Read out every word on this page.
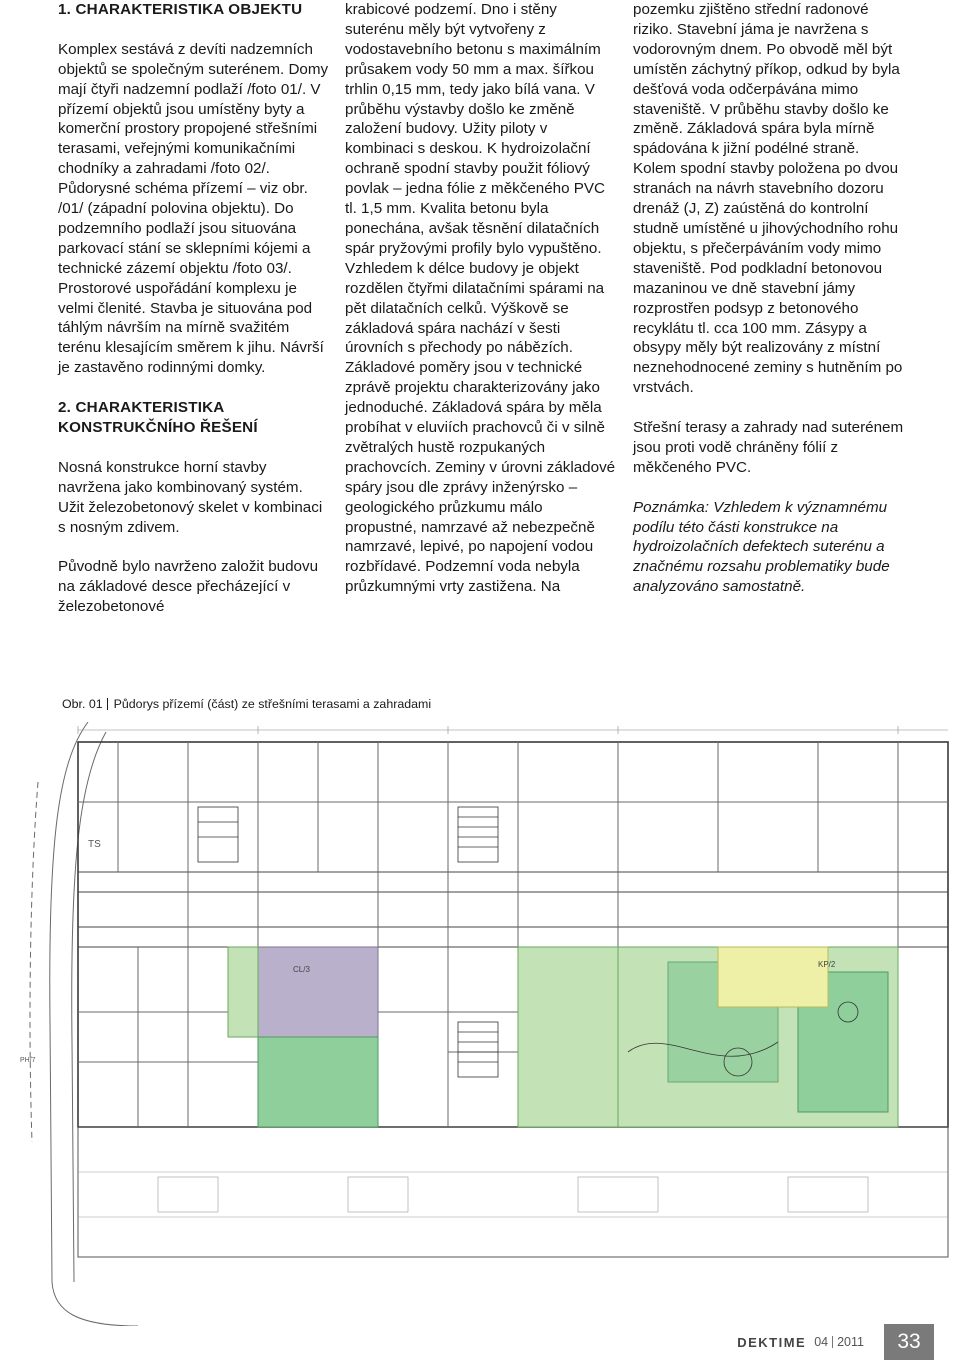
1. CHARAKTERISTIKA OBJEKTU

Komplex sestává z devíti nadzemních objektů se společným suterénem. Domy mají čtyři nadzemní podlaží /foto 01/. V přízemí objektů jsou umístěny byty a komerční prostory propojené střešními terasami, veřejnými komunikačními chodníky a zahradami /foto 02/. Půdorysné schéma přízemí – viz obr. /01/ (západní polovina objektu). Do podzemního podlaží jsou situována parkovací stání se sklepními kójemi a technické zázemí objektu /foto 03/. Prostorové uspořádání komplexu je velmi členité. Stavba je situována pod táhlým návrším na mírně svažitém terénu klesajícím směrem k jihu. Návrší je zastavěno rodinnými domky.

2. CHARAKTERISTIKA KONSTRUKČNÍHO ŘEŠENÍ

Nosná konstrukce horní stavby navržena jako kombinovaný systém. Užit železobetonový skelet v kombinaci s nosným zdivem.

Původně bylo navrženo založit budovu na základové desce přecházející v železobetonové

krabicové podzemí. Dno i stěny suterénu měly být vytvořeny z vodostavebního betonu s maximálním průsakem vody 50 mm a max. šířkou trhlin 0,15 mm, tedy jako bílá vana. V průběhu výstavby došlo ke změně založení budovy. Užity piloty v kombinaci s deskou. K hydroizolační ochraně spodní stavby použit fóliový povlak – jedna fólie z měkčeného PVC tl. 1,5 mm. Kvalita betonu byla ponechána, avšak těsnění dilatačních spár pryžovými profily bylo vypuštěno. Vzhledem k délce budovy je objekt rozdělen čtyřmi dilatačními spárami na pět dilatačních celků. Výškově se základová spára nachází v šesti úrovních s přechody po nábězích. Základové poměry jsou v technické zprávě projektu charakterizovány jako jednoduché. Základová spára by měla probíhat v eluviích prachovců či v silně zvětralých hustě rozpukaných prachovcích. Zeminy v úrovni základové spáry jsou dle zprávy inženýrsko – geologického průzkumu málo propustné, namrzavé až nebezpečně namrzavé, lepivé, po napojení vodou rozbřídavé. Podzemní voda nebyla průzkumnými vrty zastižena. Na

pozemku zjištěno střední radonové riziko. Stavební jáma je navržena s vodorovným dnem. Po obvodě měl být umístěn záchytný příkop, odkud by byla dešťová voda odčerpávána mimo staveniště. V průběhu stavby došlo ke změně. Základová spára byla mírně spádována k jižní podélné straně. Kolem spodní stavby položena po dvou stranách na návrh stavebního dozoru drenáž (J, Z) zaústěná do kontrolní studně umístěné u jihovýchodního rohu objektu, s přečerpáváním vody mimo staveniště. Pod podkladní betonovou mazaninou ve dně stavební jámy rozprostřen podsyp z betonového recyklátu tl. cca 100 mm. Zásypy a obsypy měly být realizovány z místní neznehodnocené zeminy s hutněním po vrstvách.

Střešní terasy a zahrady nad suterénem jsou proti vodě chráněny fólií z měkčeného PVC.

Poznámka: Vzhledem k významnému podílu této části konstrukce na hydroizolačních defektech suterénu a značnému rozsahu problematiky bude analyzováno samostatně.

Obr. 01 Půdorys přízemí (část) ze střešními terasami a zahradami
TS
CL/3
KP/2
PH/7
DEKTIME 04 2011	33
